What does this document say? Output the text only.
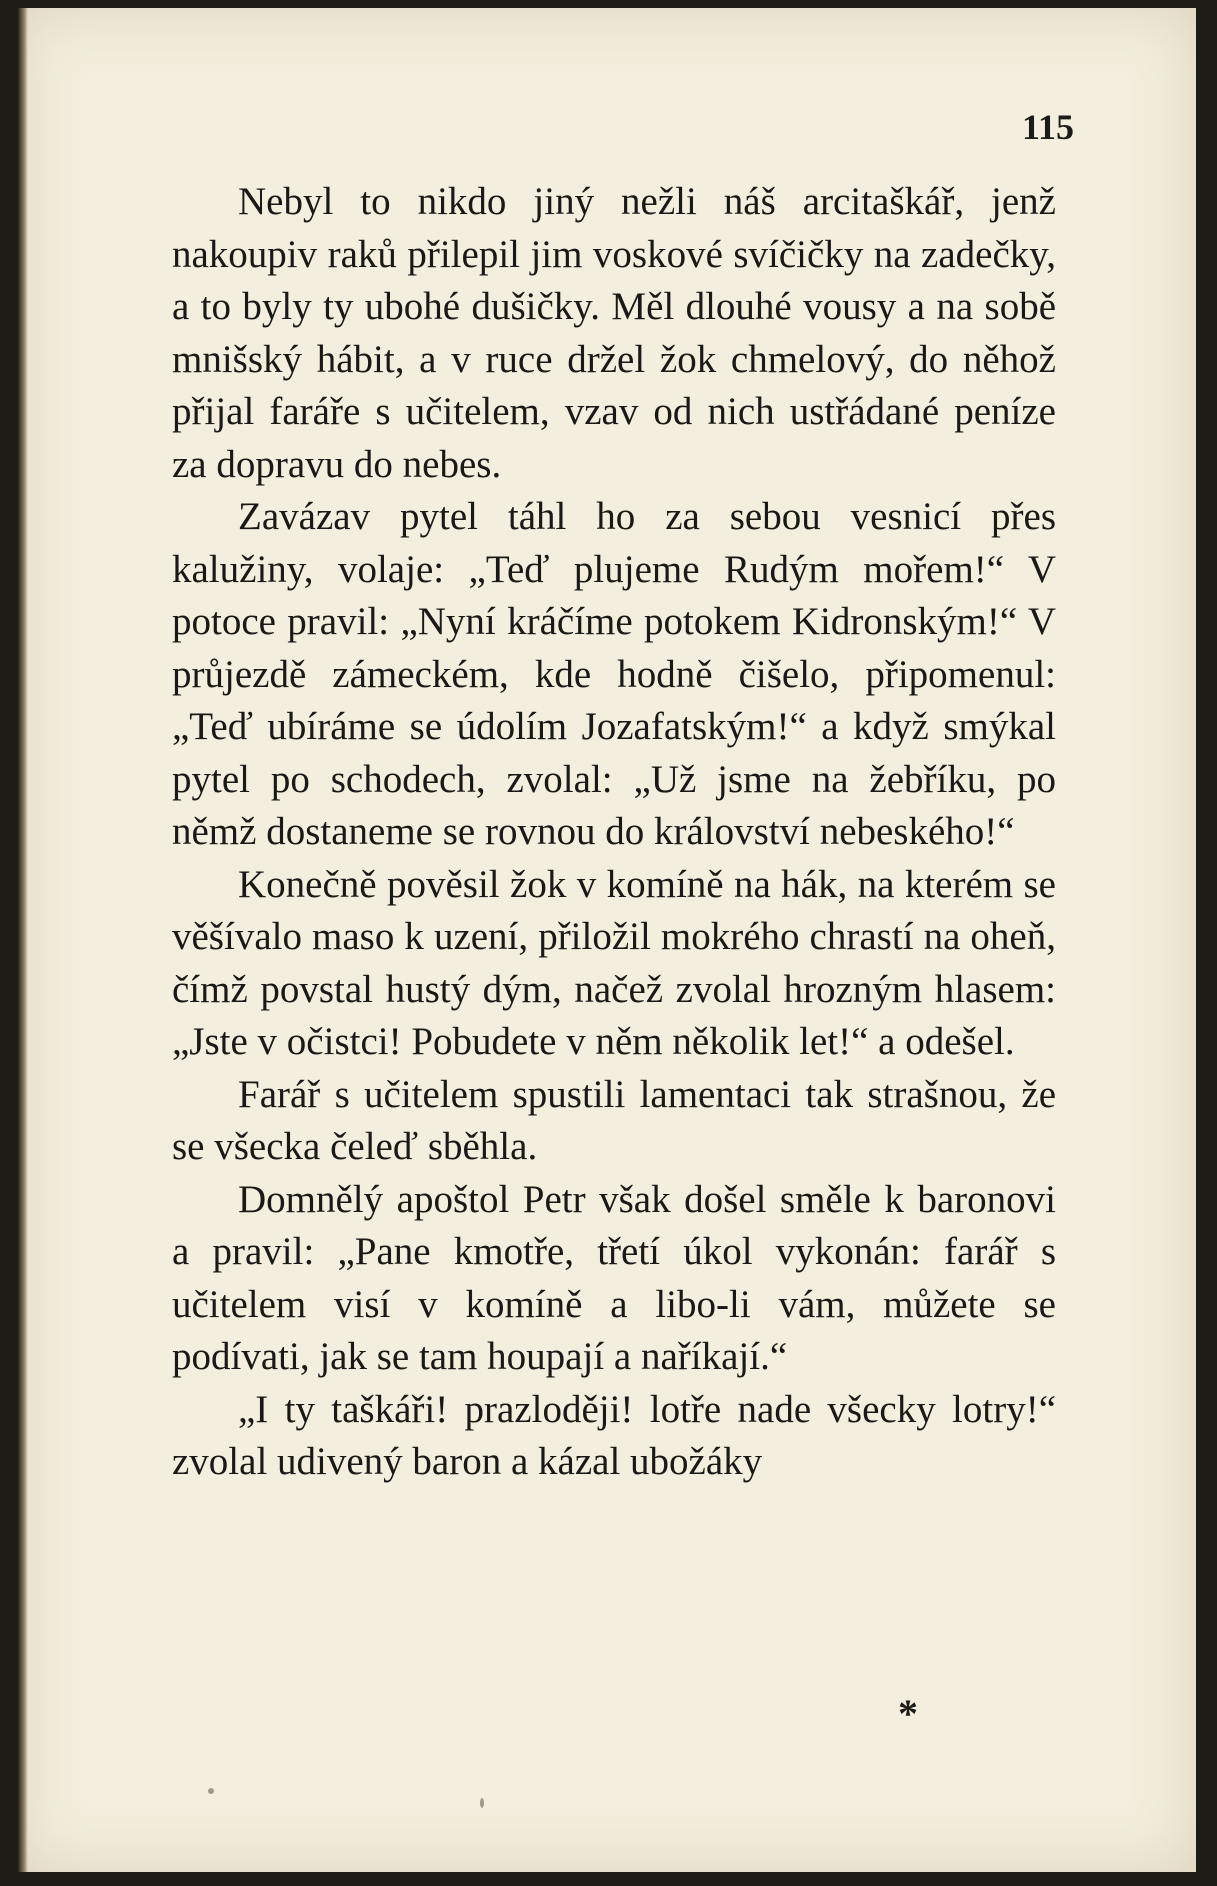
115

Nebyl to nikdo jiný nežli náš arcitaškář, jenž nakoupiv raků přilepil jim voskové svíčičky na zadečky, a to byly ty ubohé dušičky. Měl dlouhé vousy a na sobě mnišský hábit, a v ruce držel žok chmelový, do něhož přijal faráře s učitelem, vzav od nich ustřádané peníze za dopravu do nebes.

Zavázav pytel táhl ho za sebou vesnicí přes kalužiny, volaje: „Teď plujeme Rudým mořem!“ V potoce pravil: „Nyní kráčíme potokem Kidronským!“ V průjezdě zámeckém, kde hodně čišelo, připomenul: „Teď ubíráme se údolím Jozafatským!“ a když smýkal pytel po schodech, zvolal: „Už jsme na žebříku, po němž dostaneme se rovnou do království nebeského!“

Konečně pověsil žok v komíně na hák, na kterém se věšívalo maso k uzení, přiložil mokrého chrastí na oheň, čímž povstal hustý dým, načež zvolal hrozným hlasem: „Jste v očistci! Pobudete v něm několik let!“ a odešel.

Farář s učitelem spustili lamentaci tak strašnou, že se všecka čeleď sběhla.

Domnělý apoštol Petr však došel směle k baronovi a pravil: „Pane kmotře, třetí úkol vykonán: farář s učitelem visí v komíně a libo-li vám, můžete se podívati, jak se tam houpají a naříkají.“

„I ty taškáři! prazloději! lotře nade všecky lotry!“ zvolal udivený baron a kázal ubožáky

*
